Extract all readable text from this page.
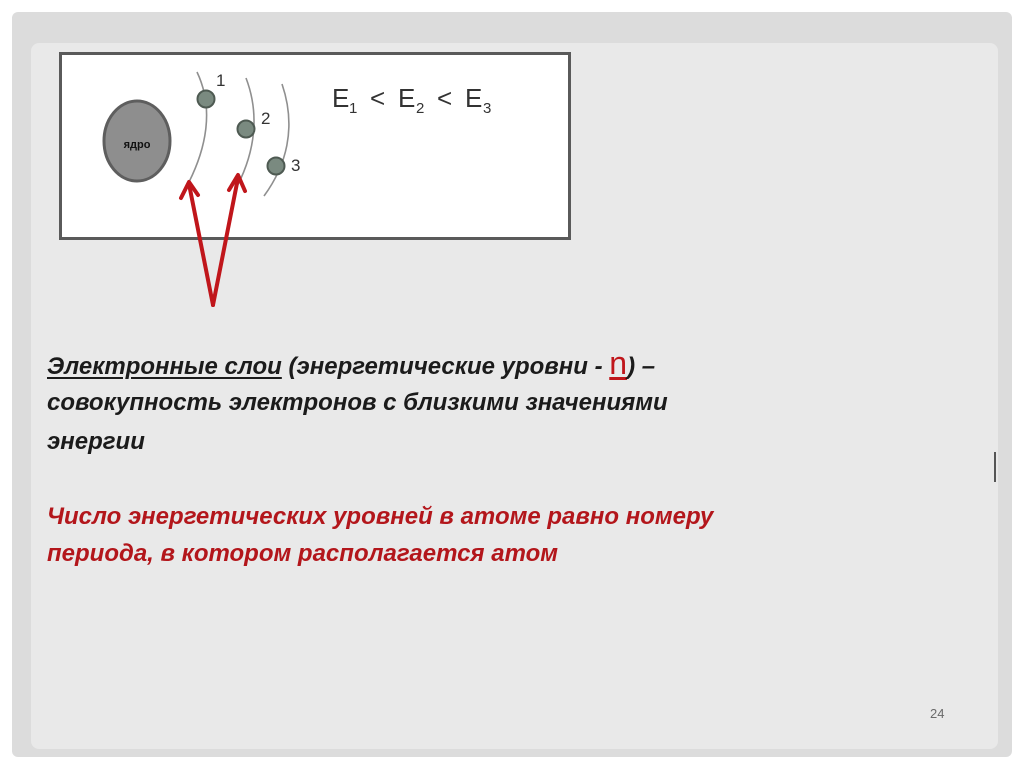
ядро
1
2
3
E 1 < E 2 < E 3
Электронные слои (энергетические уровни - n) –
совокупность электронов с близкими значениями
энергии
Число энергетических уровней в атоме равно номеру
периода, в котором располагается атом
24
